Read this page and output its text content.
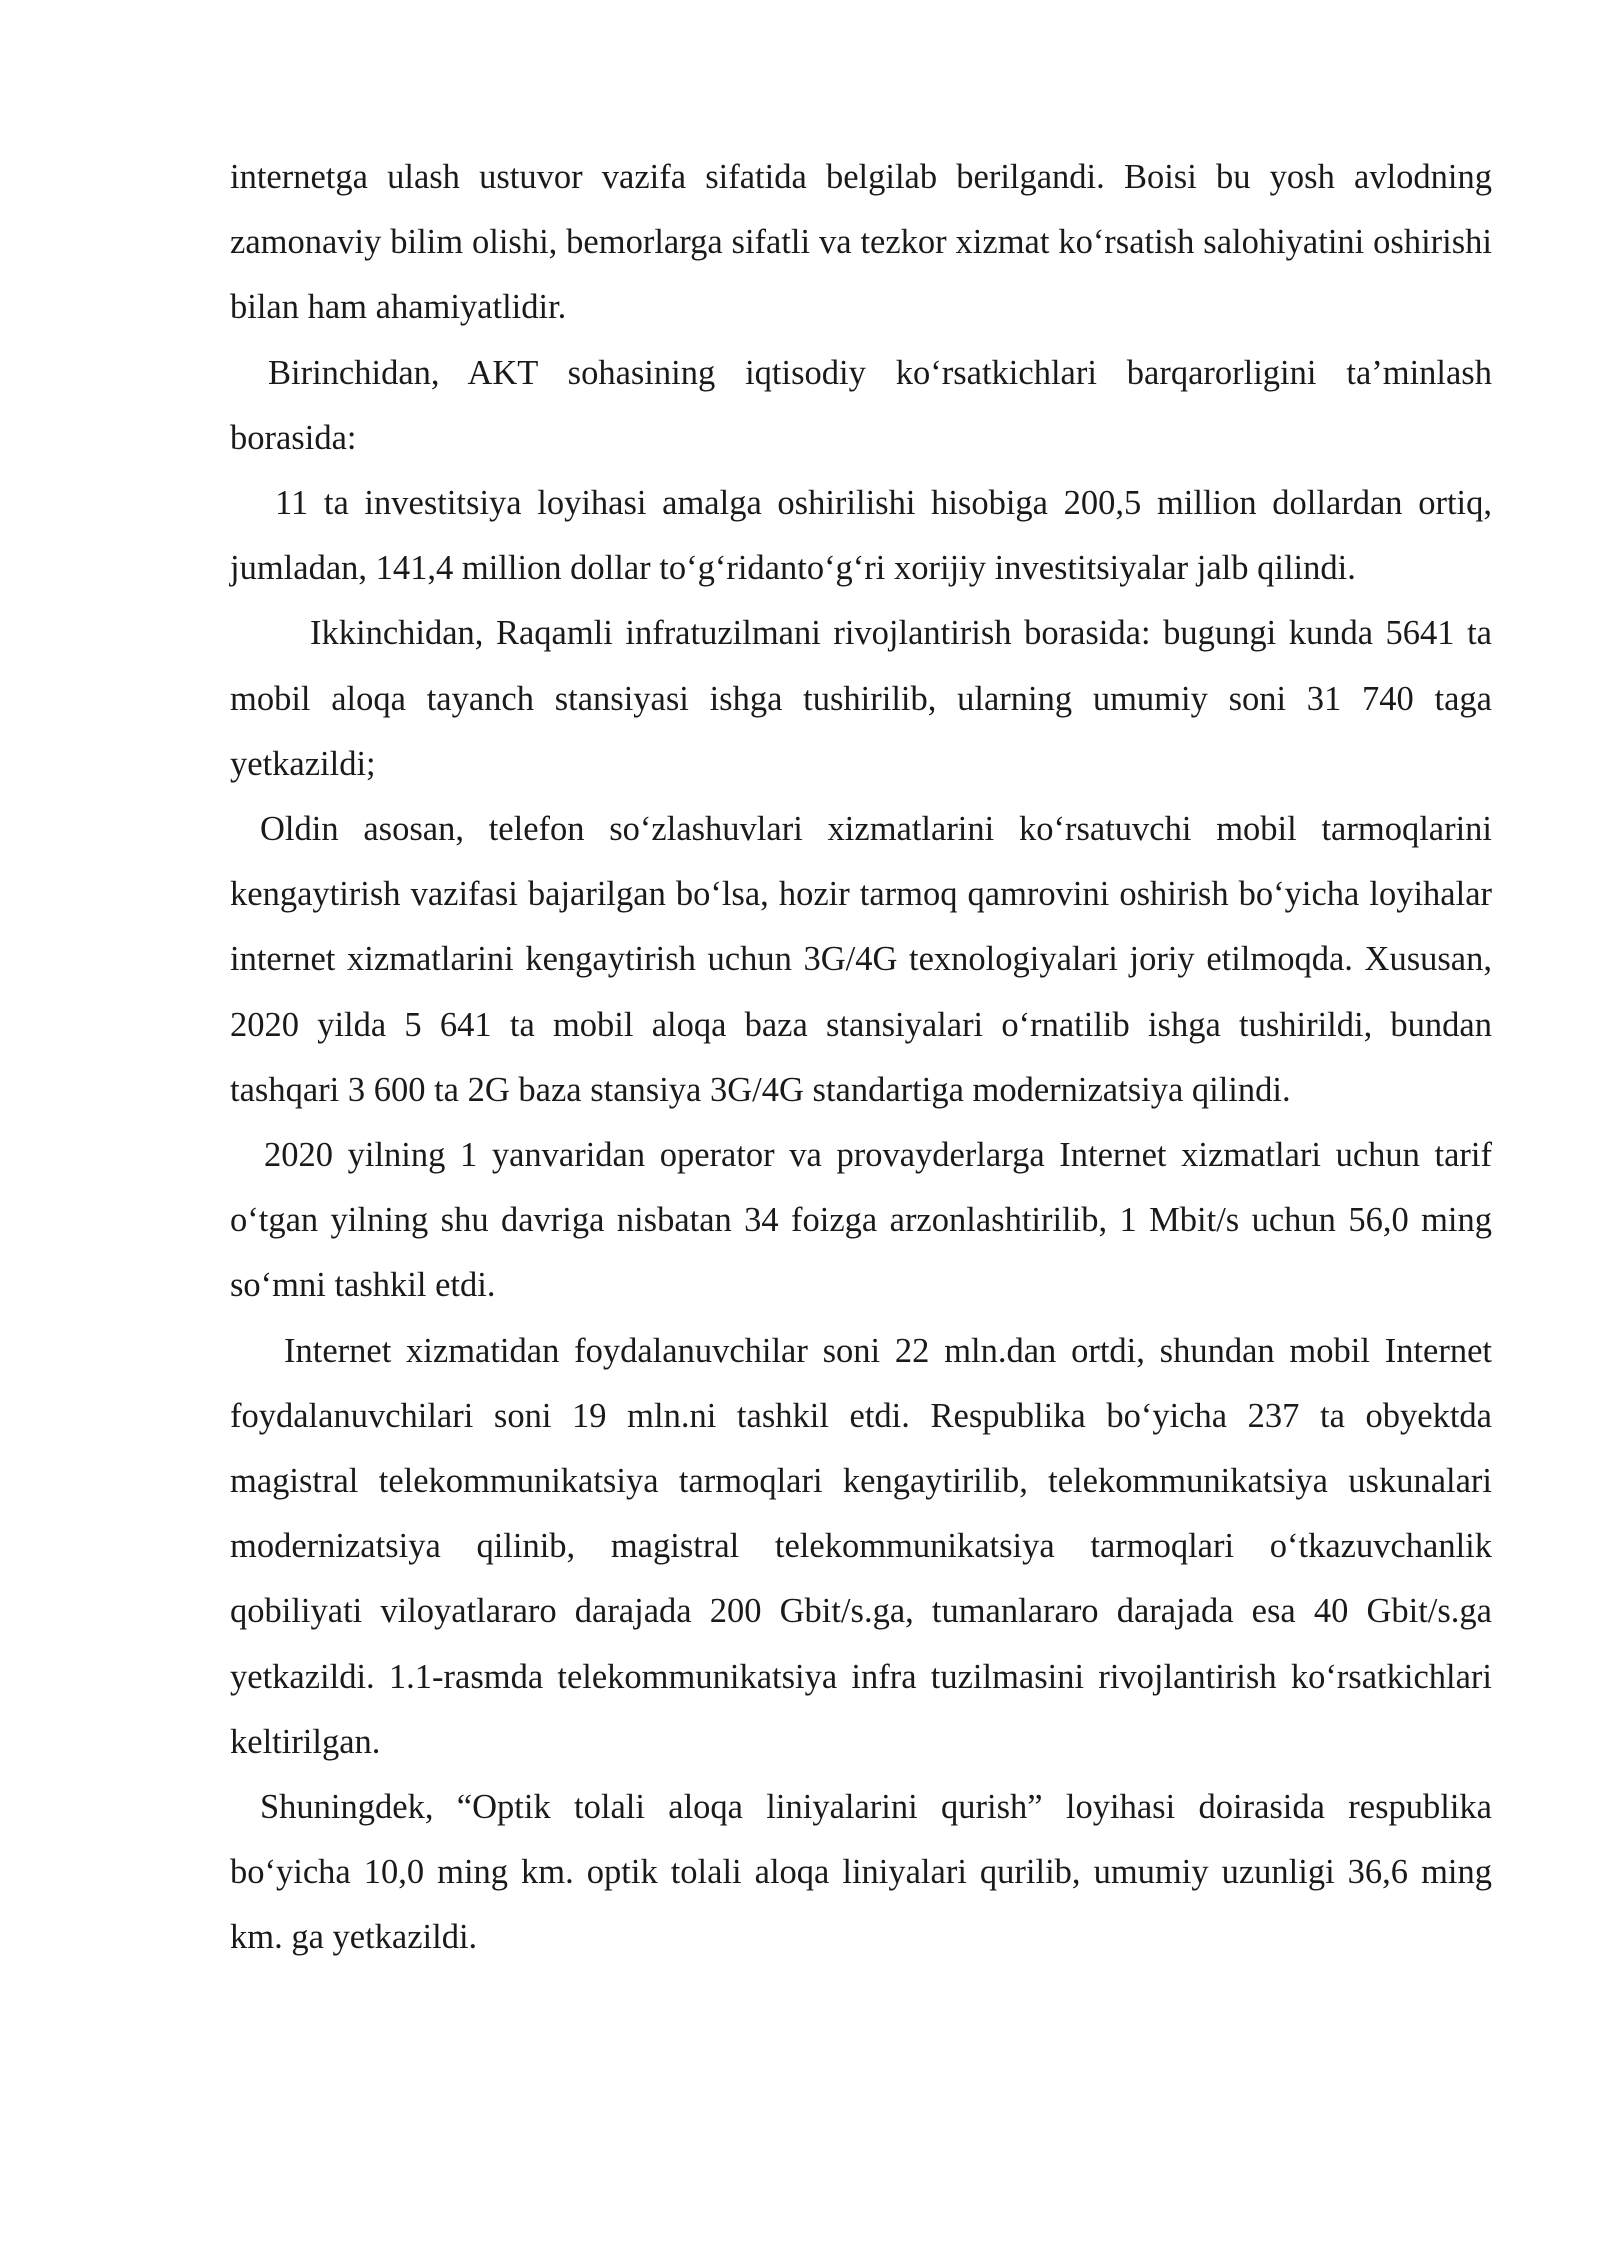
internetga ulash ustuvor vazifa sifatida belgilab berilgandi. Boisi bu yosh avlodning zamonaviy bilim olishi, bemorlarga sifatli va tezkor xizmat ko‘rsatish salohiyatini oshirishi bilan ham ahamiyatlidir.

Birinchidan, AKT sohasining iqtisodiy ko‘rsatkichlari barqarorligini ta’minlash borasida:

11 ta investitsiya loyihasi amalga oshirilishi hisobiga 200,5 million dollardan ortiq, jumladan, 141,4 million dollar to‘g‘ridanto‘g‘ri xorijiy investitsiyalar jalb qilindi.

Ikkinchidan, Raqamli infratuzilmani rivojlantirish borasida: bugungi kunda 5641 ta mobil aloqa tayanch stansiyasi ishga tushirilib, ularning umumiy soni 31 740 taga yetkazildi;

Oldin asosan, telefon so‘zlashuvlari xizmatlarini ko‘rsatuvchi mobil tarmoqlarini kengaytirish vazifasi bajarilgan bo‘lsa, hozir tarmoq qamrovini oshirish bo‘yicha loyihalar internet xizmatlarini kengaytirish uchun 3G/4G texnologiyalari joriy etilmoqda. Xususan, 2020 yilda 5 641 ta mobil aloqa baza stansiyalari o‘rnatilib ishga tushirildi, bundan tashqari 3 600 ta 2G baza stansiya 3G/4G standartiga modernizatsiya qilindi.

2020 yilning 1 yanvaridan operator va provayderlarga Internet xizmatlari uchun tarif o‘tgan yilning shu davriga nisbatan 34 foizga arzonlashtirilib, 1 Mbit/s uchun 56,0 ming so‘mni tashkil etdi.

Internet xizmatidan foydalanuvchilar soni 22 mln.dan ortdi, shundan mobil Internet foydalanuvchilari soni 19 mln.ni tashkil etdi. Respublika bo‘yicha 237 ta obyektda magistral telekommunikatsiya tarmoqlari kengaytirilib, telekommunikatsiya uskunalari modernizatsiya qilinib, magistral telekommunikatsiya tarmoqlari o‘tkazuvchanlik qobiliyati viloyatlararo darajada 200 Gbit/s.ga, tumanlararo darajada esa 40 Gbit/s.ga yetkazildi. 1.1-rasmda telekommunikatsiya infra tuzilmasini rivojlantirish ko‘rsatkichlari keltirilgan.

Shuningdek, “Optik tolali aloqa liniyalarini qurish” loyihasi doirasida respublika bo‘yicha 10,0 ming km. optik tolali aloqa liniyalari qurilib, umumiy uzunligi 36,6 ming km. ga yetkazildi.
